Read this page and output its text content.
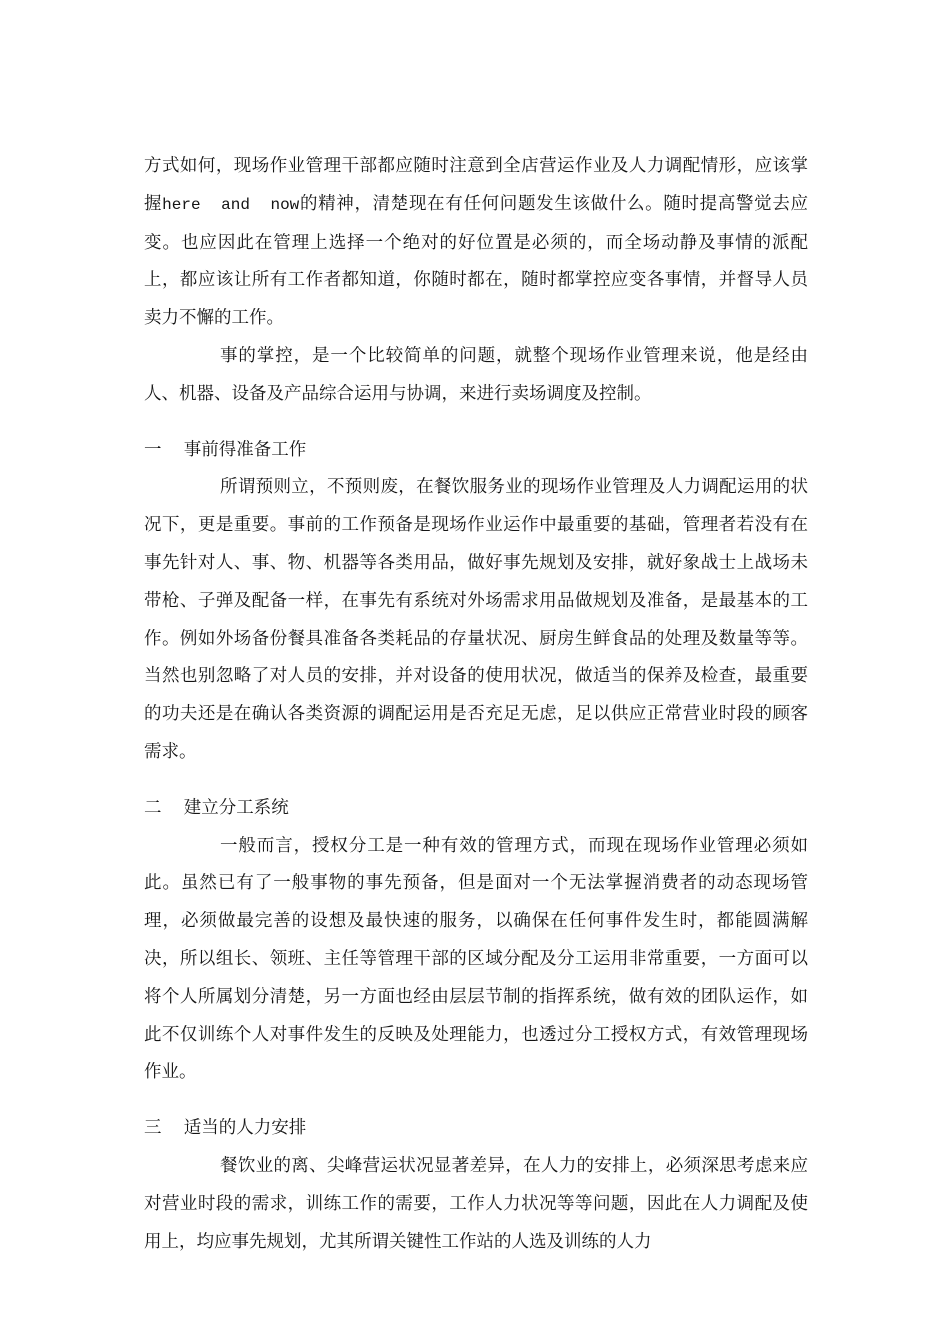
方式如何，现场作业管理干部都应随时注意到全店营运作业及人力调配情形，应该掌握here  and  now的精神，清楚现在有任何问题发生该做什么。随时提高警觉去应变。也应因此在管理上选择一个绝对的好位置是必须的，而全场动静及事情的派配上，都应该让所有工作者都知道，你随时都在，随时都掌控应变各事情，并督导人员卖力不懈的工作。

事的掌控，是一个比较简单的问题，就整个现场作业管理来说，他是经由人、机器、设备及产品综合运用与协调，来进行卖场调度及控制。

一    事前得准备工作

所谓预则立，不预则废，在餐饮服务业的现场作业管理及人力调配运用的状况下，更是重要。事前的工作预备是现场作业运作中最重要的基础，管理者若没有在事先针对人、事、物、机器等各类用品，做好事先规划及安排，就好象战士上战场未带枪、子弹及配备一样，在事先有系统对外场需求用品做规划及准备，是最基本的工作。例如外场备份餐具准备各类耗品的存量状况、厨房生鲜食品的处理及数量等等。当然也别忽略了对人员的安排，并对设备的使用状况，做适当的保养及检查，最重要的功夫还是在确认各类资源的调配运用是否充足无虑，足以供应正常营业时段的顾客需求。

二    建立分工系统

一般而言，授权分工是一种有效的管理方式，而现在现场作业管理必须如此。虽然已有了一般事物的事先预备，但是面对一个无法掌握消费者的动态现场管理，必须做最完善的设想及最快速的服务，以确保在任何事件发生时，都能圆满解决，所以组长、领班、主任等管理干部的区域分配及分工运用非常重要，一方面可以将个人所属划分清楚，另一方面也经由层层节制的指挥系统，做有效的团队运作，如此不仅训练个人对事件发生的反映及处理能力，也透过分工授权方式，有效管理现场作业。

三    适当的人力安排

餐饮业的离、尖峰营运状况显著差异，在人力的安排上，必须深思考虑来应对营业时段的需求，训练工作的需要，工作人力状况等等问题，因此在人力调配及使用上，均应事先规划，尤其所谓关键性工作站的人选及训练的人力
